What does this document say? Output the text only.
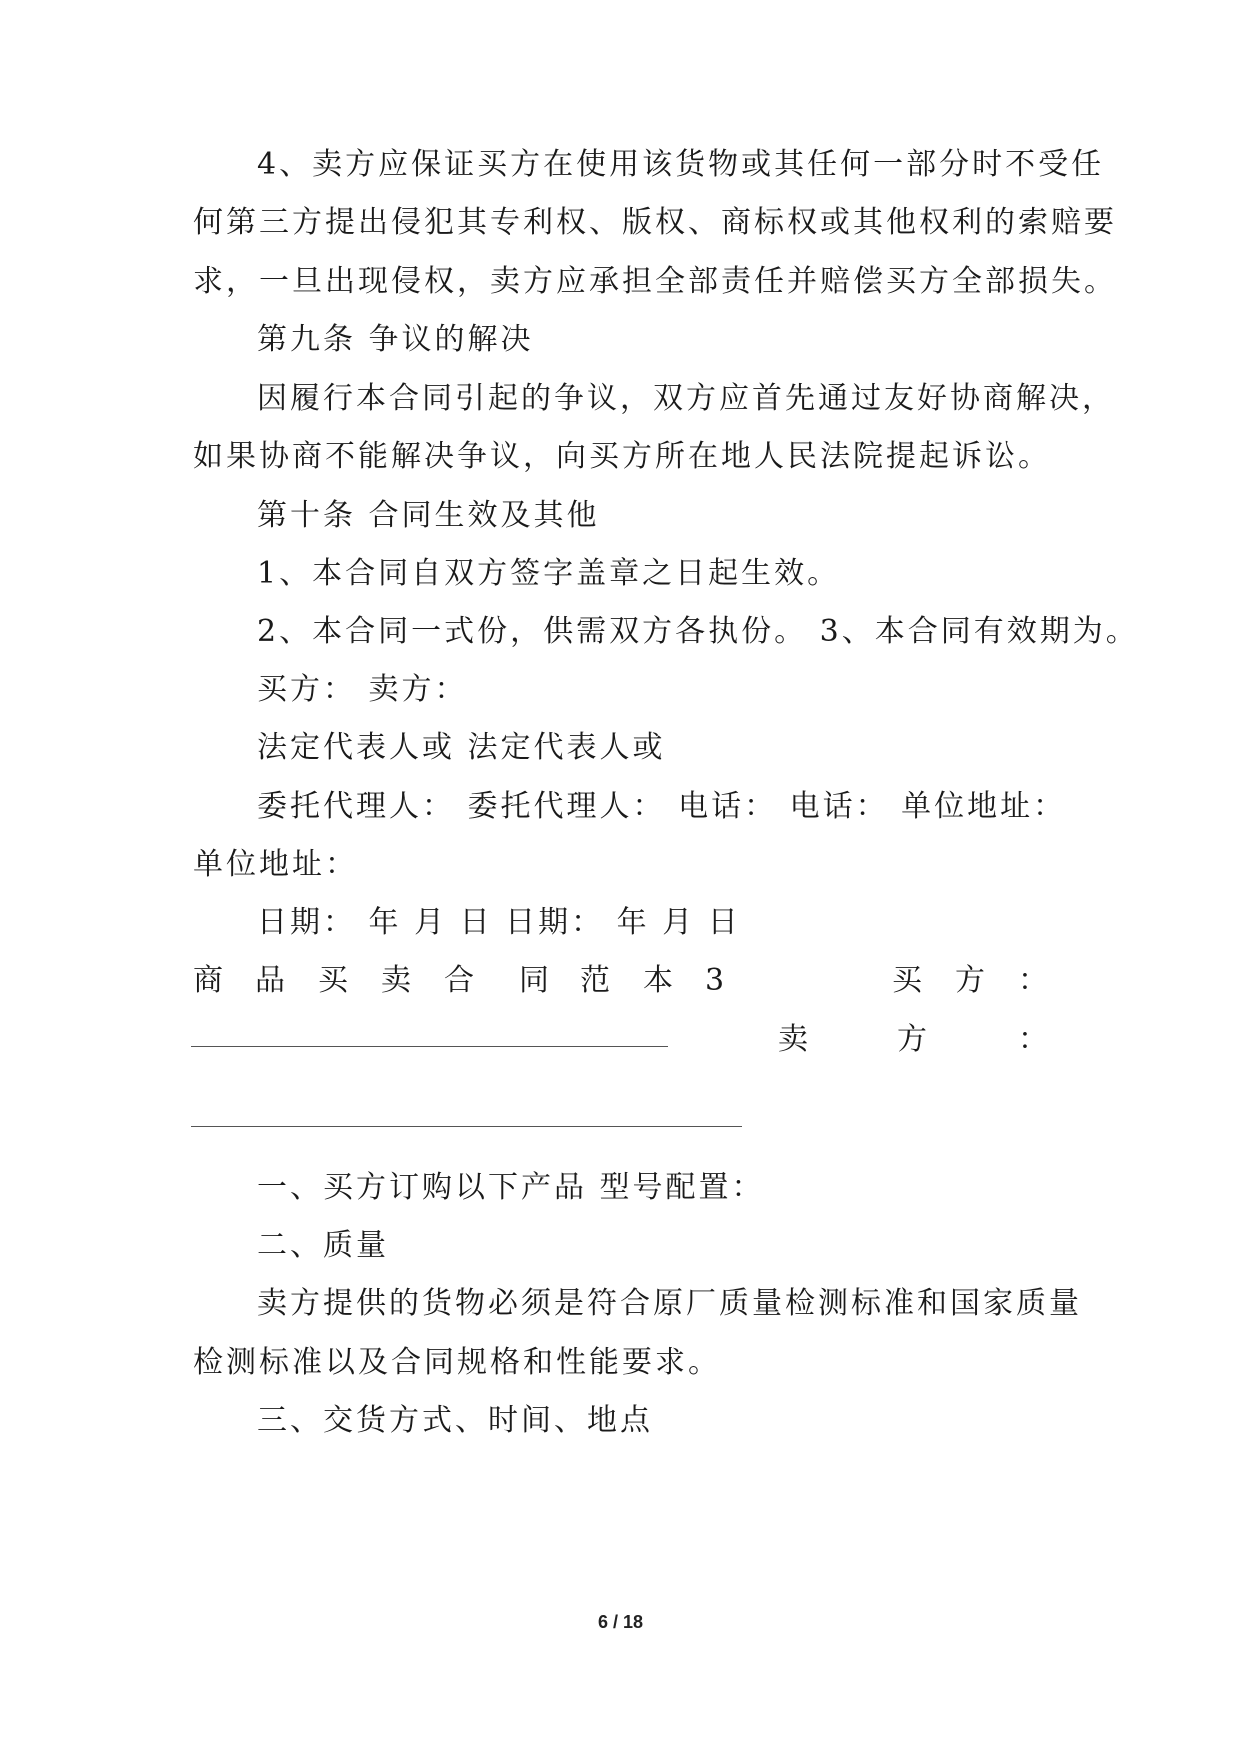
4、卖方应保证买方在使用该货物或其任何一部分时不受任
何第三方提出侵犯其专利权、版权、商标权或其他权利的索赔要
求，一旦出现侵权，卖方应承担全部责任并赔偿买方全部损失。
第九条 争议的解决
因履行本合同引起的争议，双方应首先通过友好协商解决，
如果协商不能解决争议，向买方所在地人民法院提起诉讼。
第十条 合同生效及其他
1、本合同自双方签字盖章之日起生效。
2、本合同一式份，供需双方各执份。 3、本合同有效期为。
买方： 卖方：
法定代表人或 法定代表人或
委托代理人： 委托代理人： 电话： 电话： 单位地址：
单位地址：
日期： 年 月 日 日期： 年 月 日
商 品 买 卖 合 同 范 本 3	买 方 ：
卖	方	：
一、买方订购以下产品 型号配置：
二、质量
卖方提供的货物必须是符合原厂质量检测标准和国家质量
检测标准以及合同规格和性能要求。
三、交货方式、时间、地点
6 / 18
